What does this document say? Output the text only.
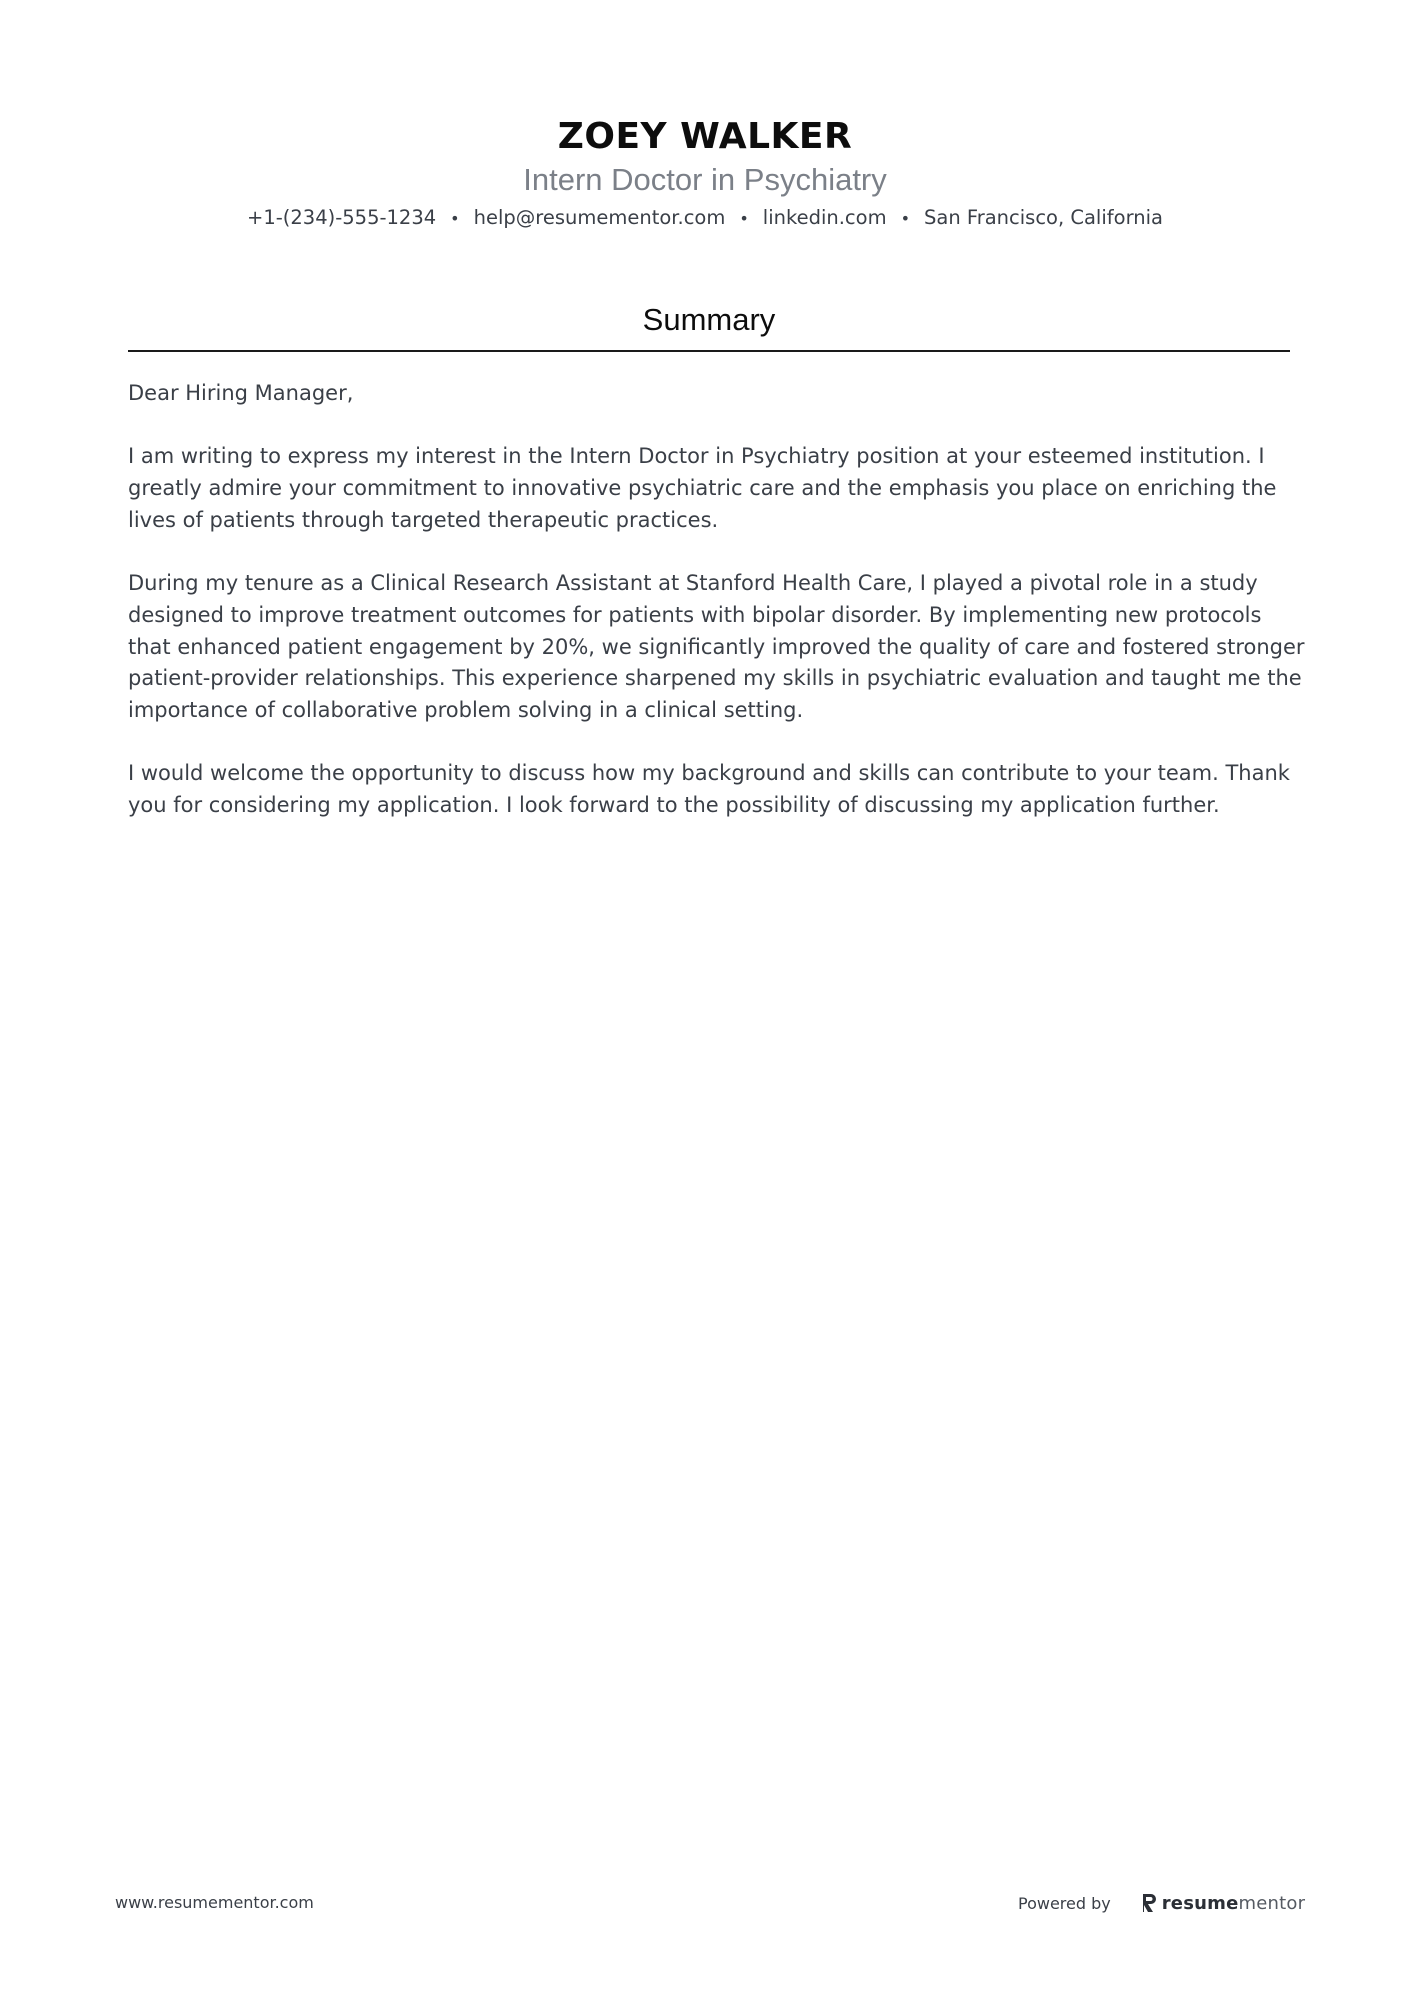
ZOEY WALKER
Intern Doctor in Psychiatry
+1-(234)-555-1234 • help@resumementor.com • linkedin.com • San Francisco, California
Summary

Dear Hiring Manager,

I am writing to express my interest in the Intern Doctor in Psychiatry position at your esteemed institution. I greatly admire your commitment to innovative psychiatric care and the emphasis you place on enriching the lives of patients through targeted therapeutic practices.

During my tenure as a Clinical Research Assistant at Stanford Health Care, I played a pivotal role in a study designed to improve treatment outcomes for patients with bipolar disorder. By implementing new protocols that enhanced patient engagement by 20%, we significantly improved the quality of care and fostered stronger patient-provider relationships. This experience sharpened my skills in psychiatric evaluation and taught me the importance of collaborative problem solving in a clinical setting.

I would welcome the opportunity to discuss how my background and skills can contribute to your team. Thank you for considering my application. I look forward to the possibility of discussing my application further.

www.resumementor.com	Powered by	resumementor
